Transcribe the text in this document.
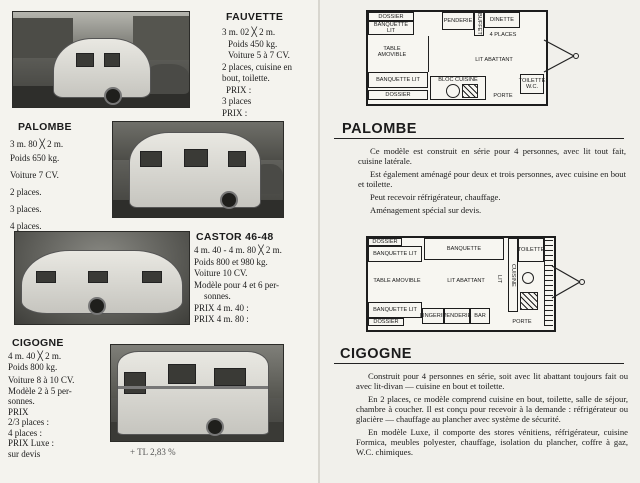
FAUVETTE
3 m. 02 ╳ 2 m.
Poids 450 kg.
Voiture 5 à 7 CV.
2 places, cuisine en
bout, toilette.
PRIX :
3 places
PRIX :
PALOMBE
3 m. 80 ╳ 2 m.
Poids 650 kg.
Voiture 7 CV.
2 places.
3 places.
4 places.
CASTOR 46-48
4 m. 40 - 4 m. 80 ╳ 2 m.
Poids 800 et 980 kg.
Voiture 10 CV.
Modèle pour 4 et 6 per-
sonnes.
PRIX 4 m. 40 :
PRIX 4 m. 80 :
CIGOGNE
4 m. 40 ╳ 2 m.
Poids 800 kg.
Voiture 8 à 10 CV.
Modèle 2 à 5 per-
sonnes.
PRIX
2/3 places :
4 places :
PRIX Luxe :
sur devis	+ TL 2,83 %
DOSSIER
BANQUETTE LIT
PENDERIE BUFFET	DINETTE
4 PLACES
TABLE AMOVIBLE
LIT ABATTANT
BANQUETTE LIT
DOSSIER
BLOC CUISINE
PORTE
TOILETTE W.C.
PALOMBE

Ce modèle est construit en série pour 4 personnes, avec lit tout fait, cuisine latérale.

Est également aménagé pour deux et trois personnes, avec cuisine en bout et toilette.

Peut recevoir réfrigérateur, chauffage.

Aménagement spécial sur devis.

DOSSIER
BANQUETTE LIT
BANQUETTE
CUISINE
TOILETTE
TABLE AMOVIBLE	LIT ABATTANT	LIT
BANQUETTE LIT
LINGERIE
PENDERIE BAR
DOSSIER	PORTE
CIGOGNE

Construit pour 4 personnes en série, soit avec lit abattant toujours fait ou avec lit-divan — cuisine en bout et toilette.

En 2 places, ce modèle comprend cuisine en bout, toilette, salle de séjour, chambre à coucher. Il est conçu pour recevoir à la demande : réfrigérateur ou glacière — chauffage au plancher avec système de sécurité.

En modèle Luxe, il comporte des stores vénitiens, réfrigérateur, cuisine Formica, meubles polyester, chauffage, isolation du plancher, coffre à gaz, W.C. chimiques.
